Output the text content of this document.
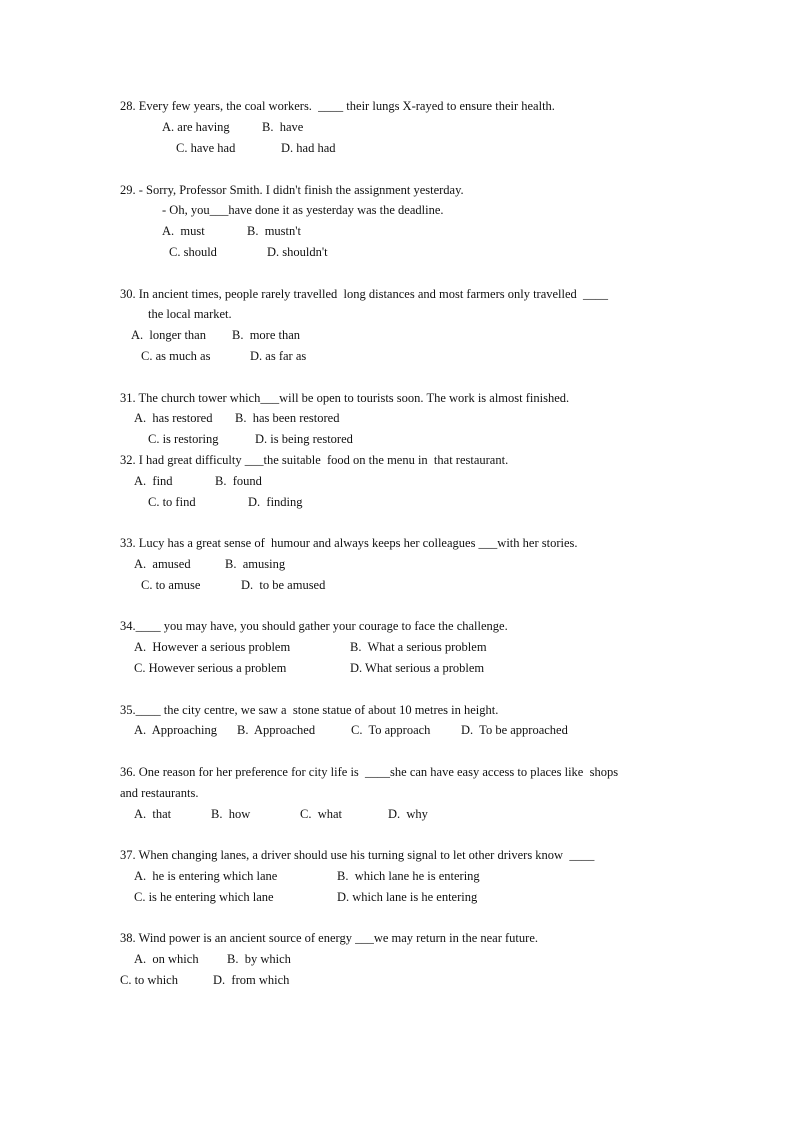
28. Every few years, the coal workers.  ____ their lungs X-rayed to ensure their health.
A. are having	B.  have
C. have had	D. had had
29. - Sorry, Professor Smith. I didn't finish the assignment yesterday.
- Oh, you___have done it as yesterday was the deadline.
A.  must	B.  mustn't
C. should	D. shouldn't
30. In ancient times, people rarely travelled  long distances and most farmers only travelled  ____
the local market.
A.  longer than B.  more than
C. as much as	D. as far as
31. The church tower which___will be open to tourists soon. The work is almost finished.
A.  has restored B.  has been restored
C. is restoring	D. is being restored
32. I had great difficulty ___the suitable  food on the menu in  that restaurant.
A.  find	B.  found
C. to find	D.  finding
33. Lucy has a great sense of  humour and always keeps her colleagues ___with her stories.
A.  amused	B.  amusing
C. to amuse	D.  to be amused
34.____ you may have, you should gather your courage to face the challenge.
A.  However a serious problem	B.  What a serious problem
C. However serious a problem	D. What serious a problem
35.____ the city centre, we saw a  stone statue of about 10 metres in height.
A.  Approaching B.  Approached	C.  To approach D.  To be approached
36. One reason for her preference for city life is  ____she can have easy access to places like  shops
and restaurants.
A.  that	B.  how	C.  what	D.  why
37. When changing lanes, a driver should use his turning signal to let other drivers know  ____
A.  he is entering which lane	B.  which lane he is entering
C. is he entering which lane	D. which lane is he entering
38. Wind power is an ancient source of energy ___we may return in the near future.
A.  on which B.  by which
C. to which	D.  from which
